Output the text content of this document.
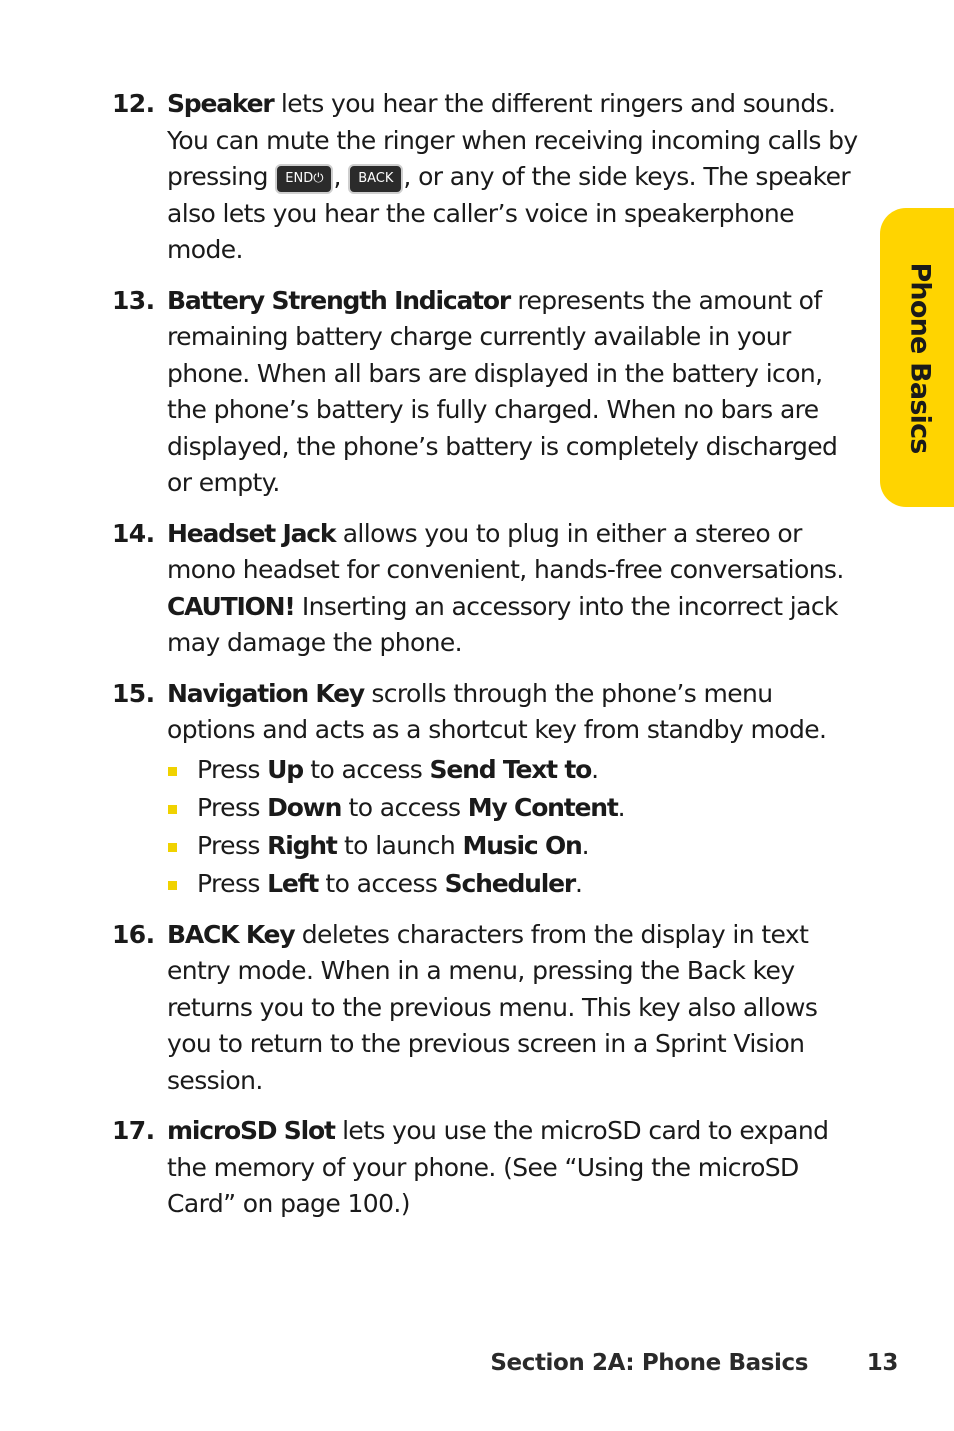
Phone Basics
12. Speaker lets you hear the different ringers and sounds. You can mute the ringer when receiving incoming calls by pressing END⏻ , BACK , or any of the side keys. The speaker also lets you hear the caller’s voice in speakerphone mode.
13. Battery Strength Indicator represents the amount of remaining battery charge currently available in your phone. When all bars are displayed in the battery icon, the phone’s battery is fully charged. When no bars are displayed, the phone’s battery is completely discharged or empty.
14. Headset Jack allows you to plug in either a stereo or mono headset for convenient, hands-free conversations.
CAUTION! Inserting an accessory into the incorrect jack may damage the phone.
15. Navigation Key scrolls through the phone’s menu options and acts as a shortcut key from standby mode.
Press Up to access Send Text to.
Press Down to access My Content.
Press Right to launch Music On.
Press Left to access Scheduler.
16. BACK Key deletes characters from the display in text entry mode. When in a menu, pressing the Back key returns you to the previous menu. This key also allows you to return to the previous screen in a Sprint Vision session.
17. microSD Slot lets you use the microSD card to expand the memory of your phone. (See “Using the microSD Card” on page 100.)
Section 2A: Phone Basics	13
